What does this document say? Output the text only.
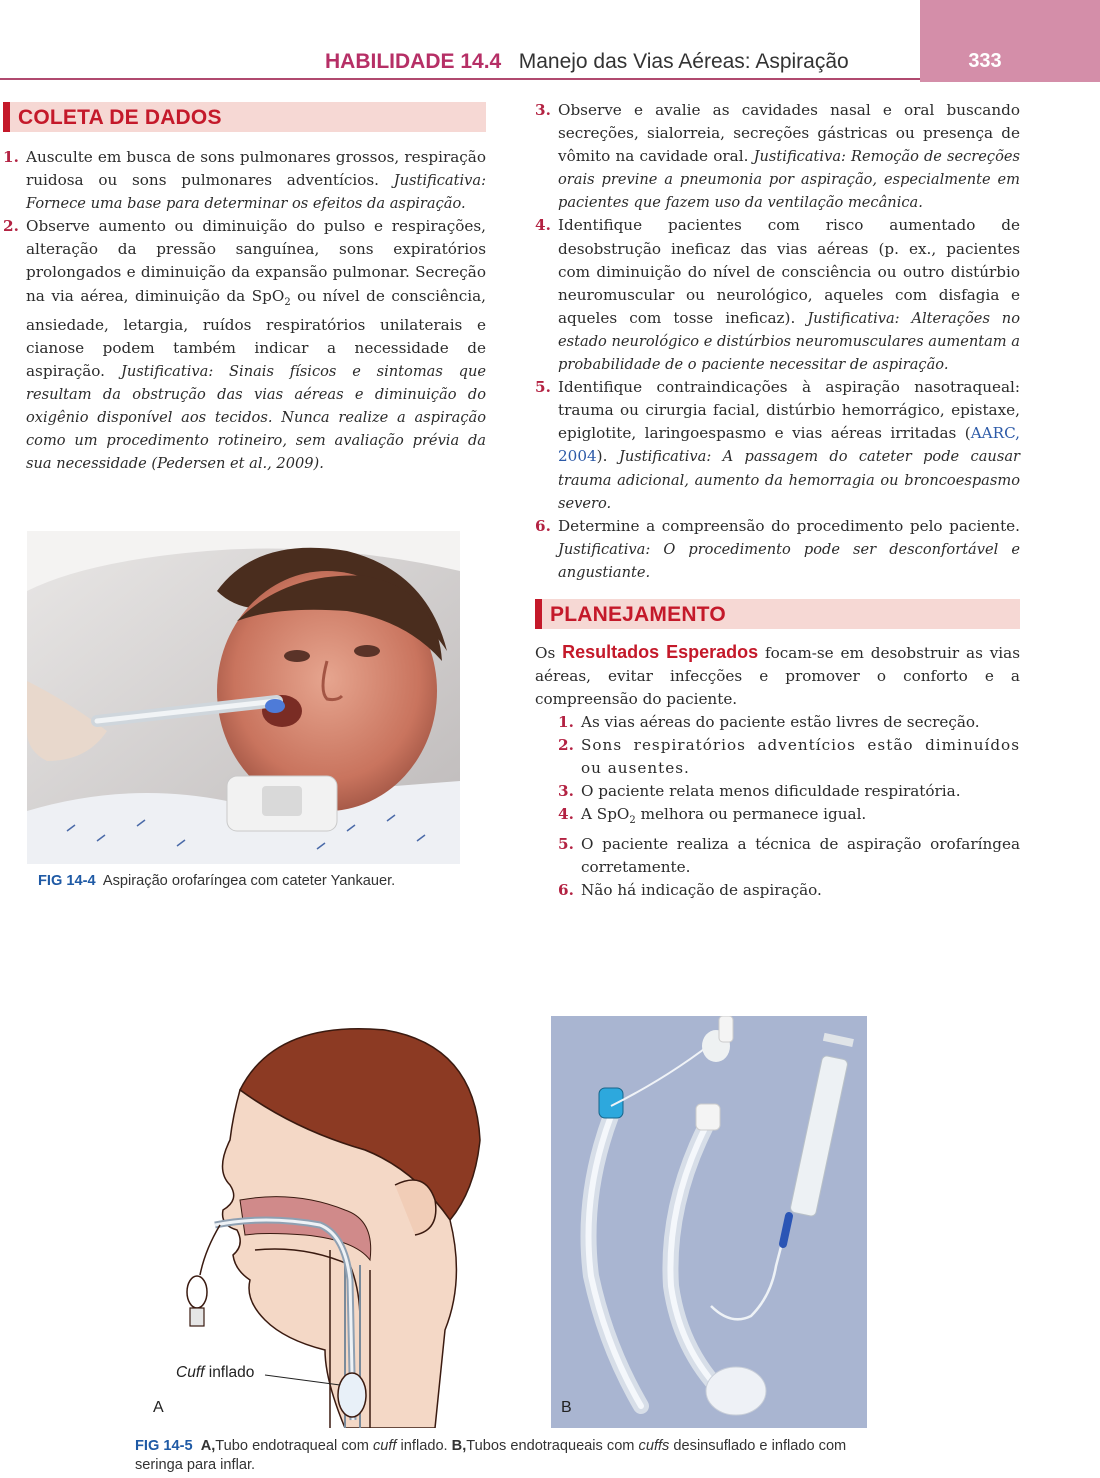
HABILIDADE 14.4 Manejo das Vias Aéreas: Aspiração	333
COLETA DE DADOS
1. Ausculte em busca de sons pulmonares grossos, respiração ruidosa ou sons pulmonares adventícios. Justificativa: Fornece uma base para determinar os efeitos da aspiração.
2. Observe aumento ou diminuição do pulso e respirações, alteração da pressão sanguínea, sons expiratórios prolongados e diminuição da expansão pulmonar. Secreção na via aérea, diminuição da SpO$_2$ ou nível de consciência, ansiedade, letargia, ruídos respiratórios unilaterais e cianose podem também indicar a necessidade de aspiração. Justificativa: Sinais físicos e sintomas que resultam da obstrução das vias aéreas e diminuição do oxigênio disponível aos tecidos. Nunca realize a aspiração como um procedimento rotineiro, sem avaliação prévia da sua necessidade (Pedersen et al., 2009).
3. Observe e avalie as cavidades nasal e oral buscando secreções, sialorreia, secreções gástricas ou presença de vômito na cavidade oral. Justificativa: Remoção de secreções orais previne a pneumonia por aspiração, especialmente em pacientes que fazem uso da ventilação mecânica.
4. Identifique pacientes com risco aumentado de desobstrução ineficaz das vias aéreas (p. ex., pacientes com diminuição do nível de consciência ou outro distúrbio neuromuscular ou neurológico, aqueles com disfagia e aqueles com tosse ineficaz). Justificativa: Alterações no estado neurológico e distúrbios neuromusculares aumentam a probabilidade de o paciente necessitar de aspiração.
5. Identifique contraindicações à aspiração nasotraqueal: trauma ou cirurgia facial, distúrbio hemorrágico, epistaxe, epiglotite, laringoespasmo e vias aéreas irritadas (AARC, 2004). Justificativa: A passagem do cateter pode causar trauma adicional, aumento da hemorragia ou broncoespasmo severo.
6. Determine a compreensão do procedimento pelo paciente. Justificativa: O procedimento pode ser desconfortável e angustiante.
PLANEJAMENTO
Os Resultados Esperados focam-se em desobstruir as vias aéreas, evitar infecções e promover o conforto e a compreensão do paciente.
1. As vias aéreas do paciente estão livres de secreção.
2. Sons respiratórios adventícios estão diminuídos ou ausentes.
3. O paciente relata menos dificuldade respiratória.
4. A SpO$_2$ melhora ou permanece igual.
5. O paciente realiza a técnica de aspiração orofaríngea corretamente.
6. Não há indicação de aspiração.
FIG 14-4 Aspiração orofaríngea com cateter Yankauer.
Cuff inflado
A	B
FIG 14-5 A,Tubo endotraqueal com cuff inflado. B,Tubos endotraqueais com cuffs desinsuflado e inflado com seringa para inflar.
